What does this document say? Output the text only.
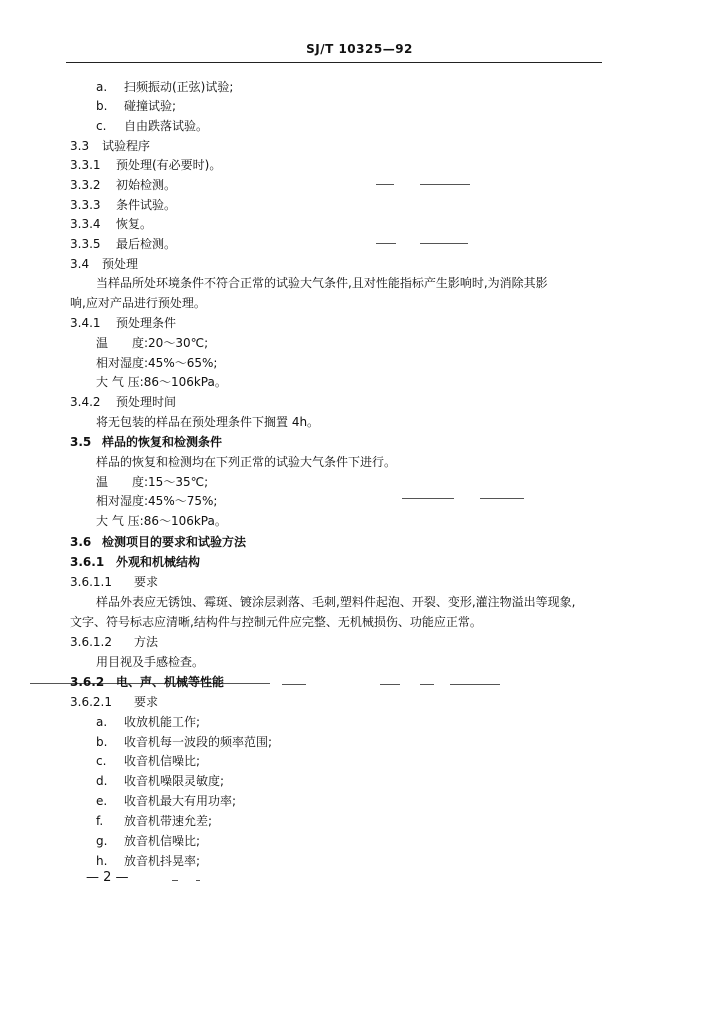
SJ/T 10325—92
a. 扫频振动(正弦)试验;
b. 碰撞试验;
c. 自由跌落试验。
3.3 试验程序
3.3.1 预处理(有必要时)。
3.3.2 初始检测。
3.3.3 条件试验。
3.3.4 恢复。
3.3.5 最后检测。
3.4 预处理
当样品所处环境条件不符合正常的试验大气条件,且对性能指标产生影响时,为消除其影
响,应对产品进行预处理。
3.4.1 预处理条件
温　　度:20～30℃;
相对湿度:45%～65%;
大 气 压:86～106kPa。
3.4.2 预处理时间
将无包装的样品在预处理条件下搁置 4h。
3.5 样品的恢复和检测条件
样品的恢复和检测均在下列正常的试验大气条件下进行。
温　　度:15～35℃;
相对湿度:45%～75%;
大 气 压:86～106kPa。
3.6 检测项目的要求和试验方法
3.6.1 外观和机械结构
3.6.1.1 要求
样品外表应无锈蚀、霉斑、镀涂层剥落、毛刺,塑料件起泡、开裂、变形,灌注物溢出等现象,
文字、符号标志应清晰,结构件与控制元件应完整、无机械损伤、功能应正常。
3.6.1.2 方法
用目视及手感检查。
3.6.2 电、声、机械等性能
3.6.2.1 要求
a. 收放机能工作;
b. 收音机每一波段的频率范围;
c. 收音机信噪比;
d. 收音机噪限灵敏度;
e. 收音机最大有用功率;
f. 放音机带速允差;
g. 放音机信噪比;
h. 放音机抖晃率;
— 2 —
